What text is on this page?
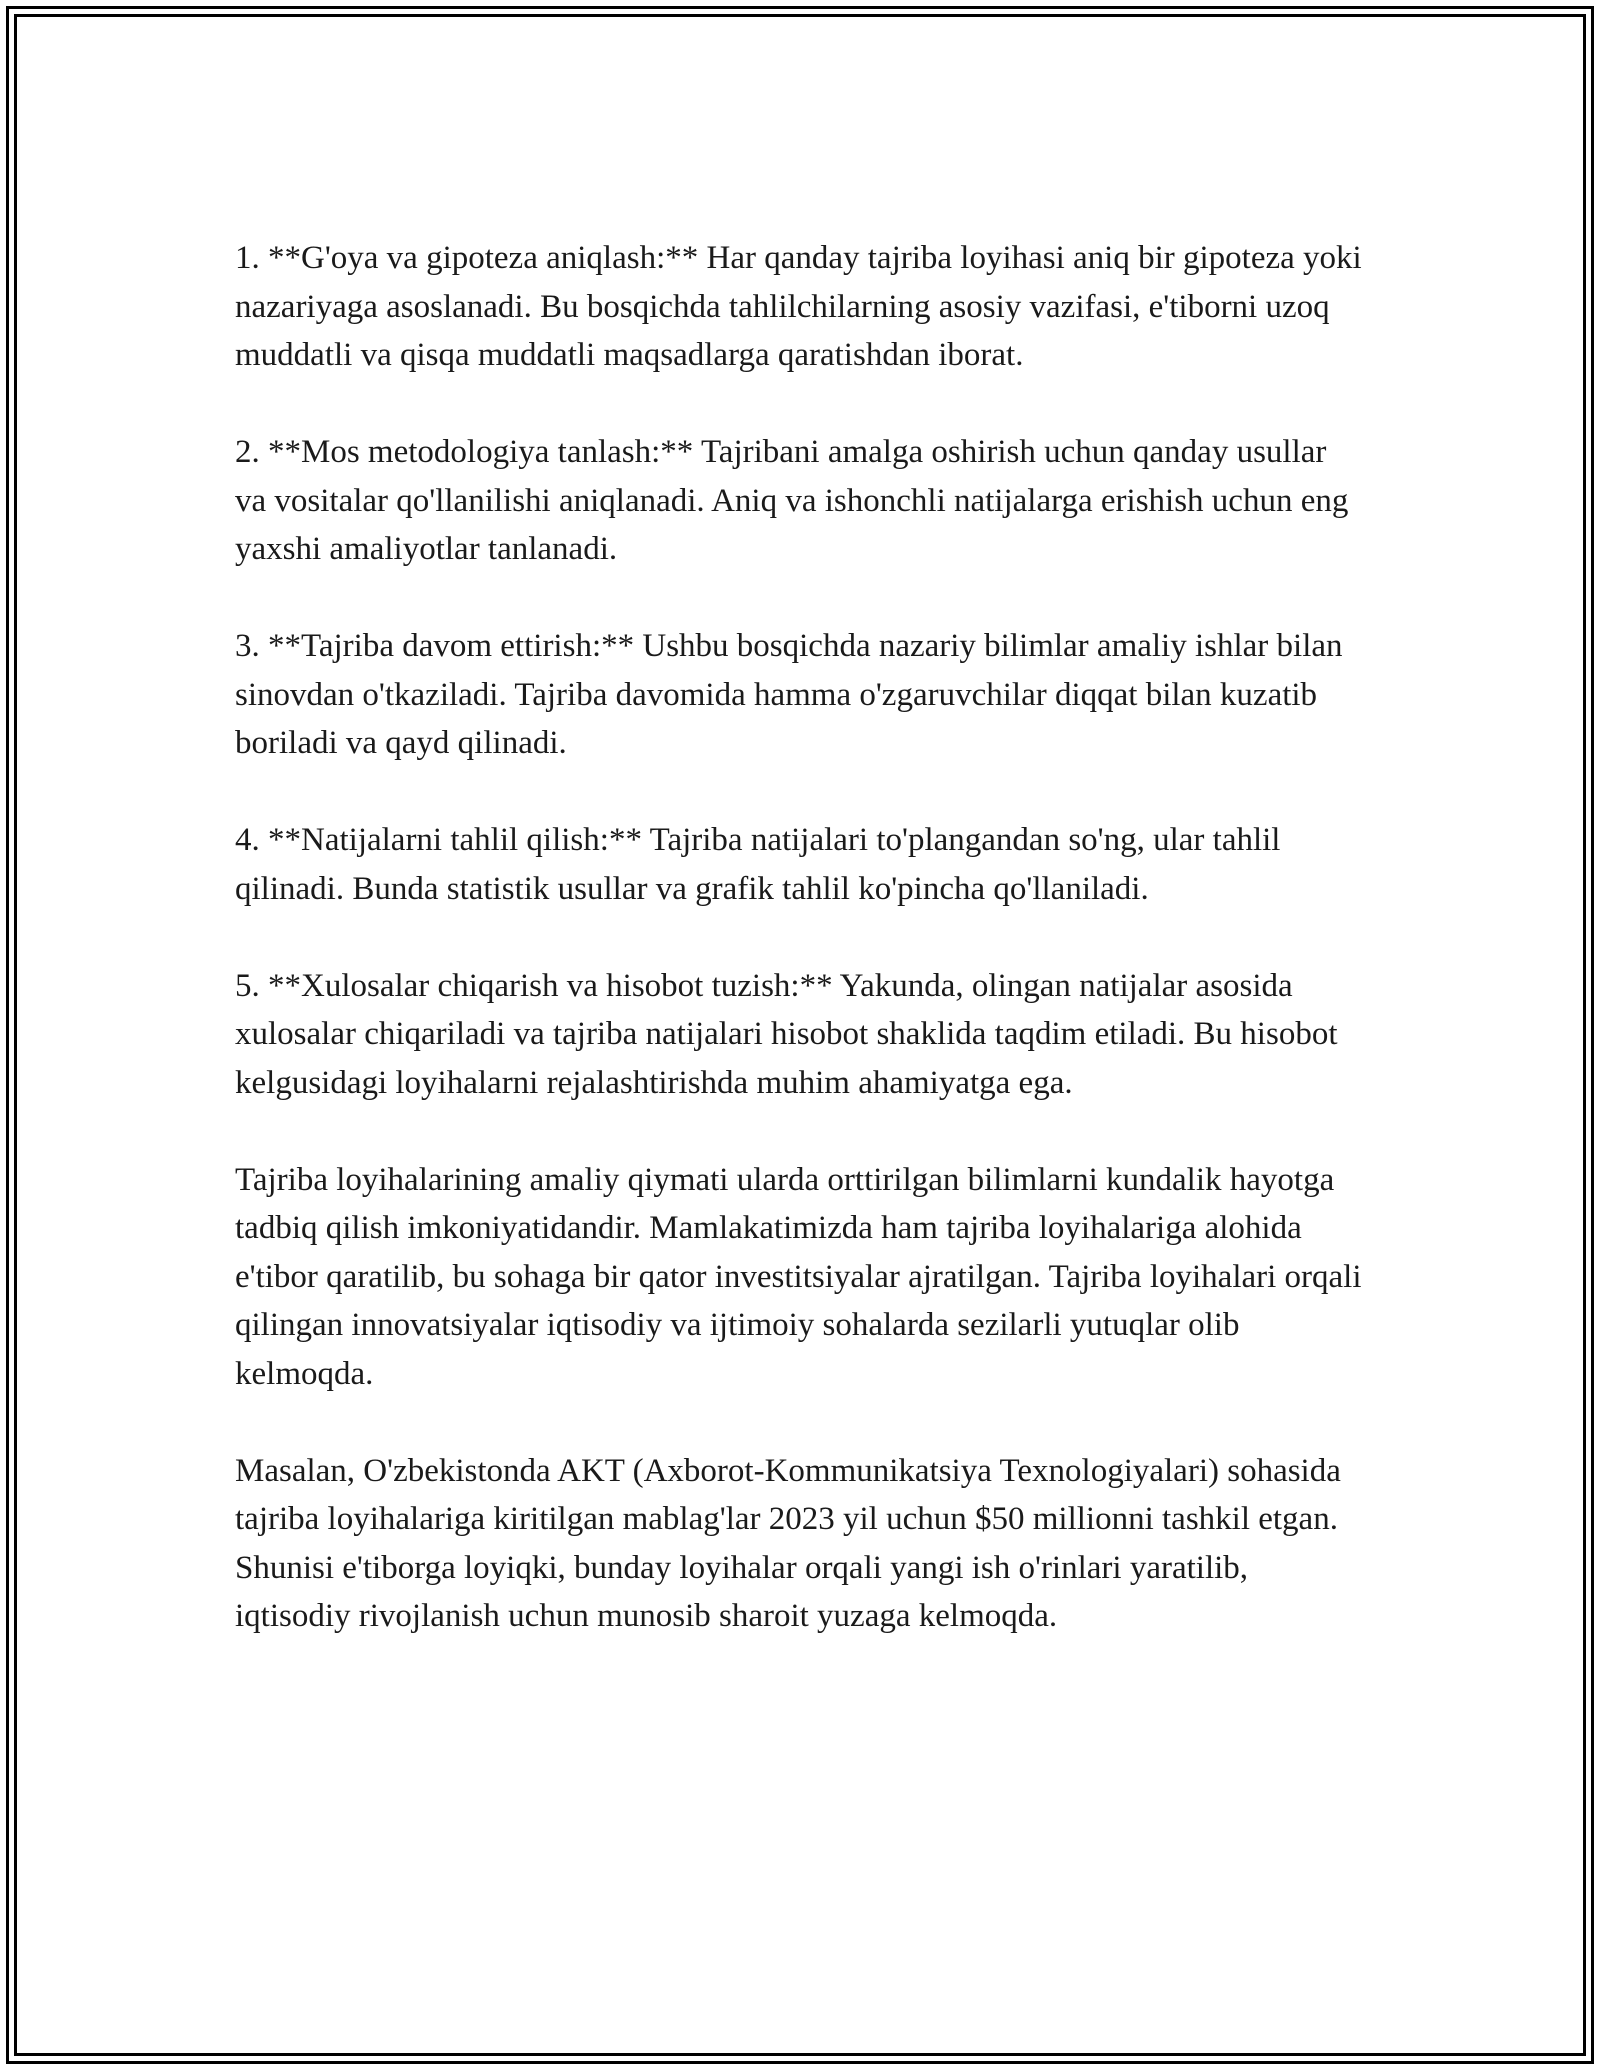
1. **G'oya va gipoteza aniqlash:** Har qanday tajriba loyihasi aniq bir gipoteza yoki nazariyaga asoslanadi. Bu bosqichda tahlilchilarning asosiy vazifasi, e'tiborni uzoq muddatli va qisqa muddatli maqsadlarga qaratishdan iborat.

2. **Mos metodologiya tanlash:** Tajribani amalga oshirish uchun qanday usullar va vositalar qo'llanilishi aniqlanadi. Aniq va ishonchli natijalarga erishish uchun eng yaxshi amaliyotlar tanlanadi.

3. **Tajriba davom ettirish:** Ushbu bosqichda nazariy bilimlar amaliy ishlar bilan sinovdan o'tkaziladi. Tajriba davomida hamma o'zgaruvchilar diqqat bilan kuzatib boriladi va qayd qilinadi.

4. **Natijalarni tahlil qilish:** Tajriba natijalari to'plangandan so'ng, ular tahlil qilinadi. Bunda statistik usullar va grafik tahlil ko'pincha qo'llaniladi.

5. **Xulosalar chiqarish va hisobot tuzish:** Yakunda, olingan natijalar asosida xulosalar chiqariladi va tajriba natijalari hisobot shaklida taqdim etiladi. Bu hisobot kelgusidagi loyihalarni rejalashtirishda muhim ahamiyatga ega.

Tajriba loyihalarining amaliy qiymati ularda orttirilgan bilimlarni kundalik hayotga tadbiq qilish imkoniyatidandir. Mamlakatimizda ham tajriba loyihalariga alohida e'tibor qaratilib, bu sohaga bir qator investitsiyalar ajratilgan. Tajriba loyihalari orqali qilingan innovatsiyalar iqtisodiy va ijtimoiy sohalarda sezilarli yutuqlar olib kelmoqda.

Masalan, O'zbekistonda AKT (Axborot-Kommunikatsiya Texnologiyalari) sohasida tajriba loyihalariga kiritilgan mablag'lar 2023 yil uchun $50 millionni tashkil etgan. Shunisi e'tiborga loyiqki, bunday loyihalar orqali yangi ish o'rinlari yaratilib, iqtisodiy rivojlanish uchun munosib sharoit yuzaga kelmoqda.
